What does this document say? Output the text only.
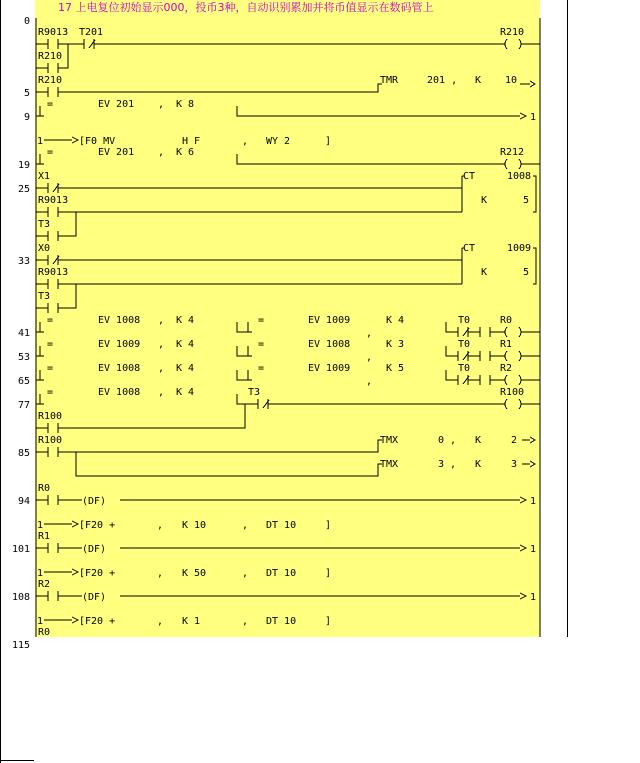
17 上电复位初始显示000，投币3种，自动识别累加并将币值显示在数码管上
0
5
9
19
25
33
41
53
65
77
85
94
101
108
115
R9013 T201	R210
R210
R210	TMR	201 , K 10
=	EV 201 , K 8
1
1	[F0 MV	H F	, WY 2	]
=	EV 201 , K 6	R212
X1
R9013
T3
CT	1008
K	5
X0
R9013
T3
CT	1009
K	5
=	EV 1008 , K 4	=	EV 1009
,
K 4	T0	R0
=	EV 1009 , K 4	=	EV 1008
,
K 3	T0	R1
=	EV 1008 , K 4	=	EV 1009
,
K 5	T0	R2
=	EV 1008 , K 4	T3	R100
R100
R100	TMX	0 , K	2
TMX	3 , K	3
R0
(DF)	1
1	[F20 +	, K 10	, DT 10	]
R1
(DF)	1
1	[F20 +	, K 50	, DT 10	]
R2
(DF)	1
1	[F20 +	, K 1	, DT 10	]
R0
